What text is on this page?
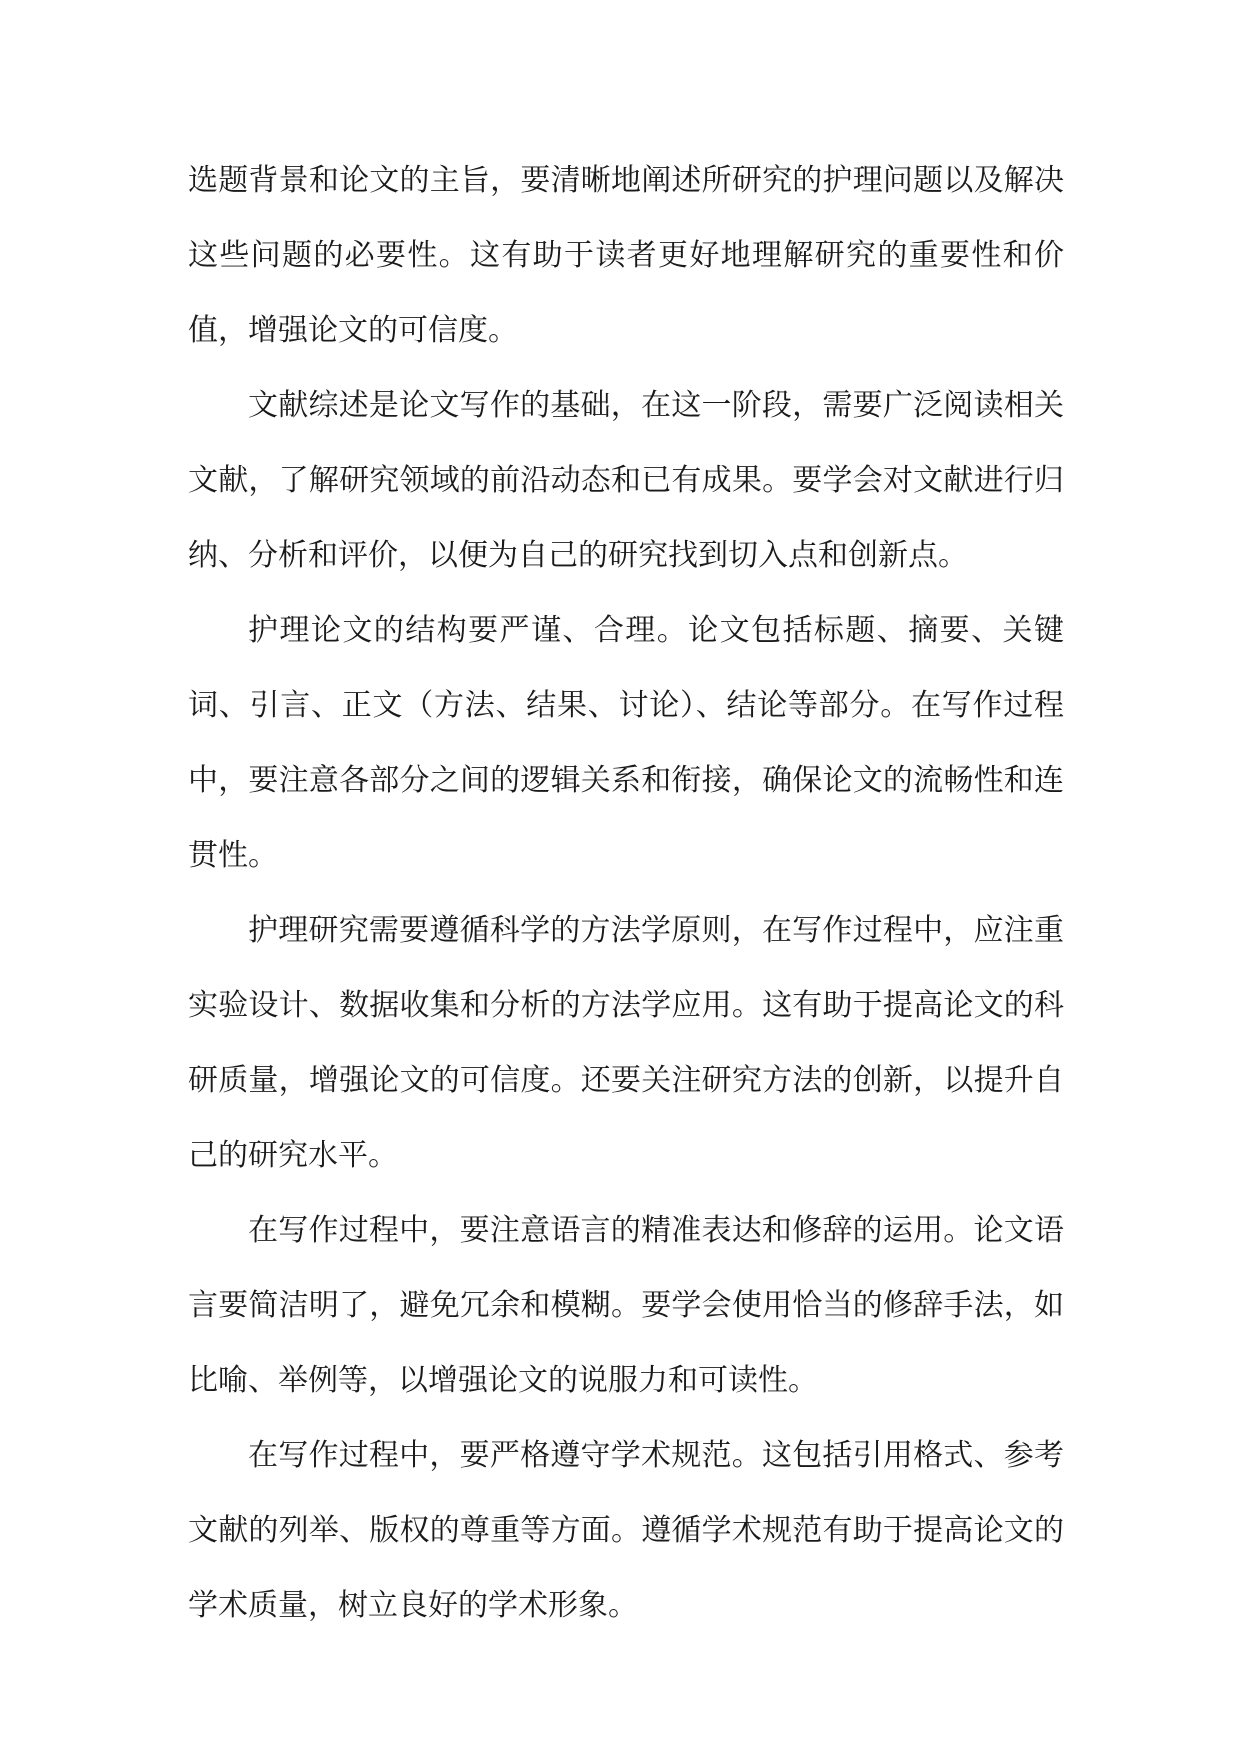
选题背景和论文的主旨，要清晰地阐述所研究的护理问题以及解决这些问题的必要性。这有助于读者更好地理解研究的重要性和价值，增强论文的可信度。

文献综述是论文写作的基础，在这一阶段，需要广泛阅读相关文献，了解研究领域的前沿动态和已有成果。要学会对文献进行归纳、分析和评价，以便为自己的研究找到切入点和创新点。

护理论文的结构要严谨、合理。论文包括标题、摘要、关键词、引言、正文（方法、结果、讨论）、结论等部分。在写作过程中，要注意各部分之间的逻辑关系和衔接，确保论文的流畅性和连贯性。

护理研究需要遵循科学的方法学原则，在写作过程中，应注重实验设计、数据收集和分析的方法学应用。这有助于提高论文的科研质量，增强论文的可信度。还要关注研究方法的创新，以提升自己的研究水平。

在写作过程中，要注意语言的精准表达和修辞的运用。论文语言要简洁明了，避免冗余和模糊。要学会使用恰当的修辞手法，如比喻、举例等，以增强论文的说服力和可读性。

在写作过程中，要严格遵守学术规范。这包括引用格式、参考文献的列举、版权的尊重等方面。遵循学术规范有助于提高论文的学术质量，树立良好的学术形象。
